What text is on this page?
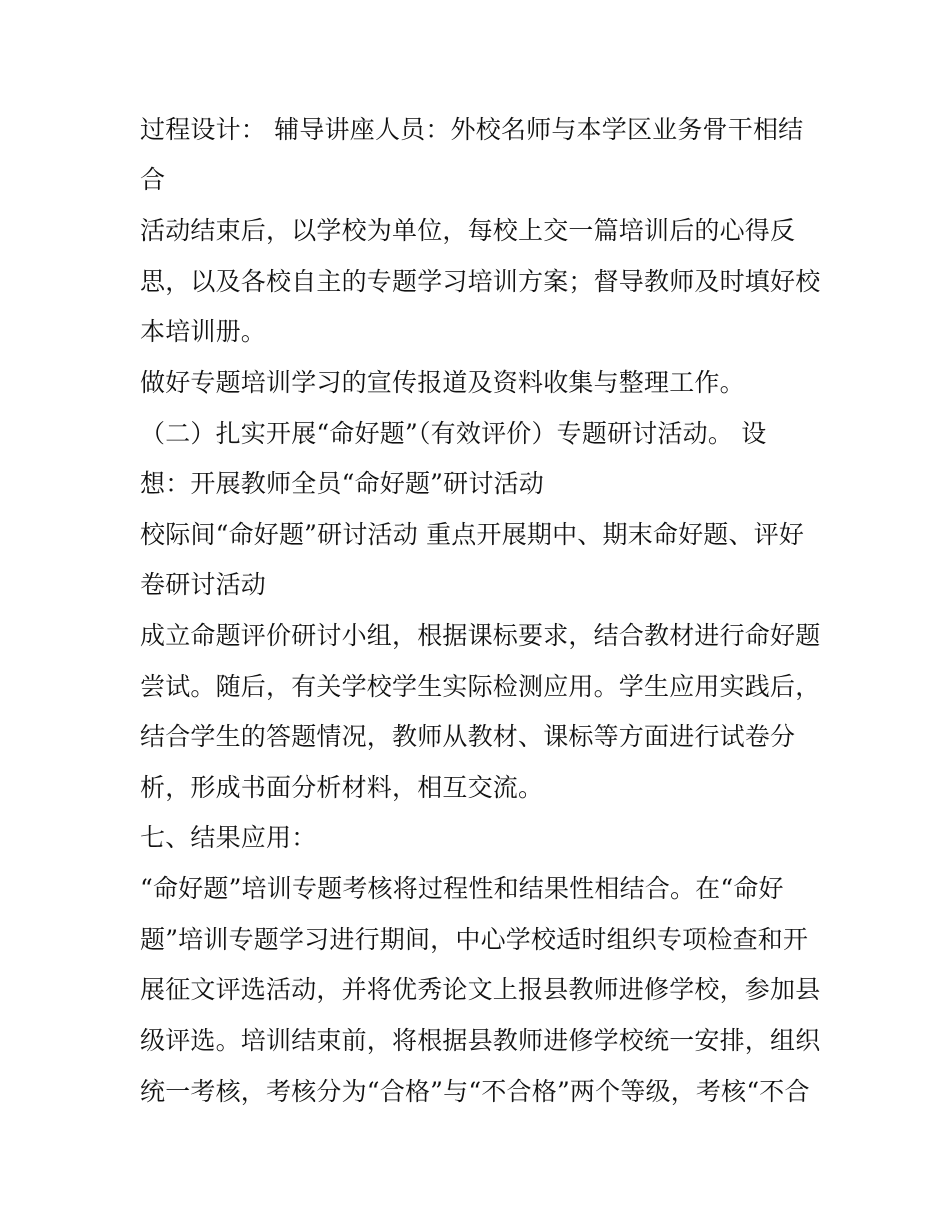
过程设计： 辅导讲座人员：外校名师与本学区业务骨干相结
合
活动结束后，以学校为单位，每校上交一篇培训后的心得反
思，以及各校自主的专题学习培训方案；督导教师及时填好校
本培训册。
做好专题培训学习的宣传报道及资料收集与整理工作。
（二）扎实开展“命好题”（有效评价）专题研讨活动。 设
想：开展教师全员“命好题”研讨活动
校际间“命好题”研讨活动 重点开展期中、期末命好题、评好
卷研讨活动
成立命题评价研讨小组，根据课标要求，结合教材进行命好题
尝试。随后，有关学校学生实际检测应用。学生应用实践后，
结合学生的答题情况，教师从教材、课标等方面进行试卷分
析，形成书面分析材料，相互交流。
七、结果应用：
“命好题”培训专题考核将过程性和结果性相结合。在“命好
题”培训专题学习进行期间，中心学校适时组织专项检查和开
展征文评选活动，并将优秀论文上报县教师进修学校，参加县
级评选。培训结束前，将根据县教师进修学校统一安排，组织
统一考核，考核分为“合格”与“不合格”两个等级，考核“不合
